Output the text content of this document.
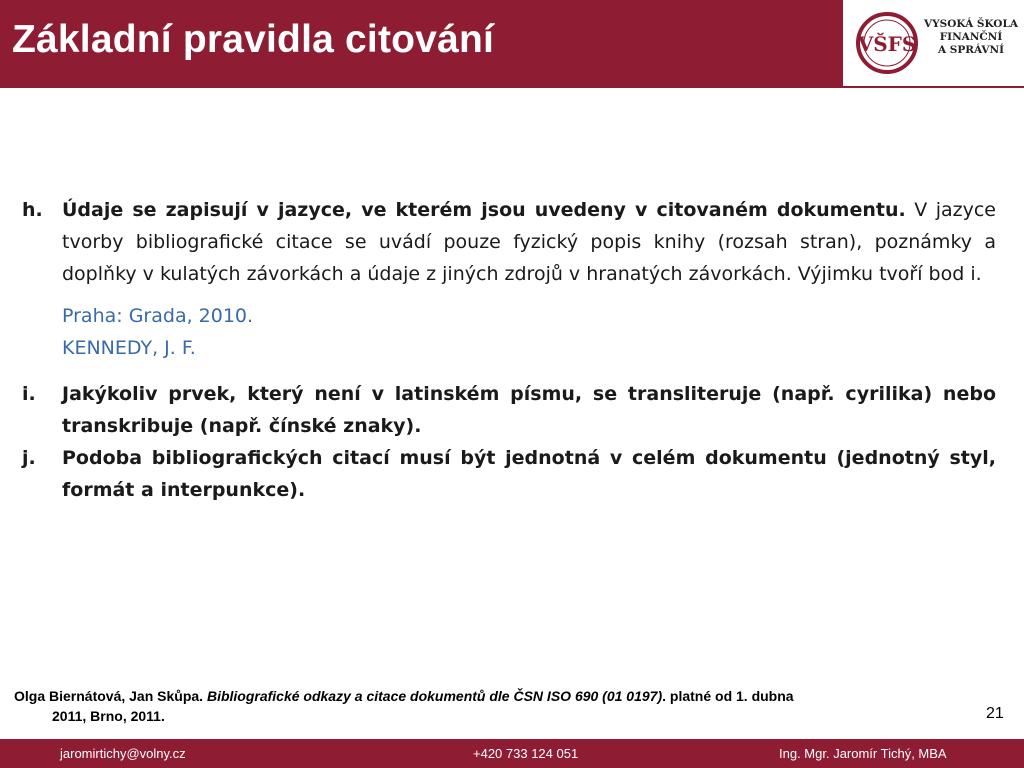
Základní pravidla citování	VŠFS
VYSOKÁ ŠKOLA
FINANČNÍ
A SPRÁVNÍ
h.	Údaje se zapisují v jazyce, ve kterém jsou uvedeny v citovaném dokumentu. V jazyce tvorby bibliografické citace se uvádí pouze fyzický popis knihy (rozsah stran), poznámky a doplňky v kulatých závorkách a údaje z jiných zdrojů v hranatých závorkách. Výjimku tvoří bod i.
Praha: Grada, 2010.
KENNEDY, J. F.
i.	Jakýkoliv prvek, který není v latinském písmu, se transliteruje (např. cyrilika) nebo transkribuje (např. čínské znaky).
j.	Podoba bibliografických citací musí být jednotná v celém dokumentu (jednotný styl, formát a interpunkce).
Olga Biernátová, Jan Skůpa. Bibliografické odkazy a citace dokumentů dle ČSN ISO 690 (01 0197). platné od 1. dubna
2011, Brno, 2011.	21
jaromirtichy@volny.cz	+420 733 124 051	Ing. Mgr. Jaromír Tichý, MBA
